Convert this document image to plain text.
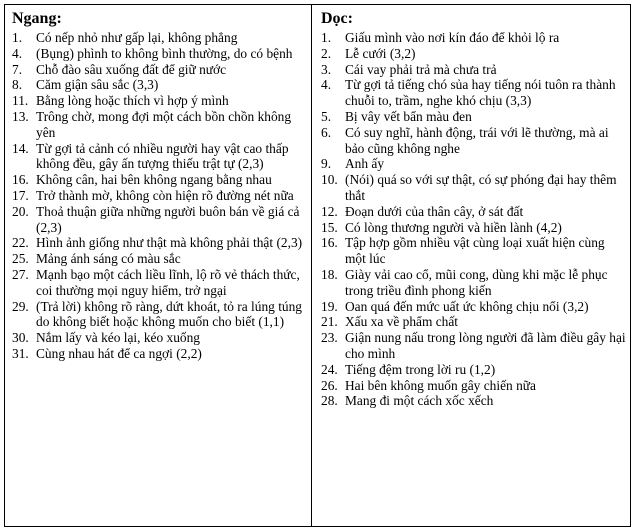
Ngang:
1.	Có nếp nhỏ như gấp lại, không phẳng
4.	(Bụng) phình to không bình thường, do có bệnh
7.	Chỗ đào sâu xuống đất để giữ nước
8.	Căm giận sâu sắc (3,3)
11. Bằng lòng hoặc thích vì hợp ý mình
13. Trông chờ, mong đợi một cách bồn chồn không yên
14. Từ gợi tả cảnh có nhiều người hay vật cao thấp không đều, gây ấn tượng thiếu trật tự (2,3)
16. Không cân, hai bên không ngang bằng nhau
17. Trở thành mờ, không còn hiện rõ đường nét nữa
20. Thoả thuận giữa những người buôn bán về giá cả (2,3)
22. Hình ảnh giống như thật mà không phải thật (2,3)
25. Mảng ánh sáng có màu sắc
27. Mạnh bạo một cách liều lĩnh, lộ rõ vẻ thách thức, coi thường mọi nguy hiểm, trở ngại
29. (Trả lời) không rõ ràng, dứt khoát, tỏ ra lúng túng do không biết hoặc không muốn cho biết (1,1)
30. Nắm lấy và kéo lại, kéo xuống
31. Cùng nhau hát để ca ngợi (2,2)
Dọc:
1.	Giấu mình vào nơi kín đáo để khỏi lộ ra
2.	Lễ cưới (3,2)
3.	Cái vay phải trả mà chưa trả
4.	Từ gợi tả tiếng chó sủa hay tiếng nói tuôn ra thành chuỗi to, trầm, nghe khó chịu (3,3)
5.	Bị vây vết bẩn màu đen
6.	Có suy nghĩ, hành động, trái với lẽ thường, mà ai bảo cũng không nghe
9.	Anh ấy
10. (Nói) quá so với sự thật, có sự phóng đại hay thêm thắt
12. Đoạn dưới của thân cây, ở sát đất
15. Có lòng thương người và hiền lành (4,2)
16. Tập hợp gồm nhiều vật cùng loại xuất hiện cùng một lúc
18. Giày vải cao cổ, mũi cong, dùng khi mặc lễ phục trong triều đình phong kiến
19. Oan quá đến mức uất ức không chịu nổi (3,2)
21. Xấu xa về phẩm chất
23. Giận nung nấu trong lòng người đã làm điều gây hại cho mình
24. Tiếng đệm trong lời ru (1,2)
26. Hai bên không muốn gây chiến nữa
28. Mang đi một cách xốc xếch
